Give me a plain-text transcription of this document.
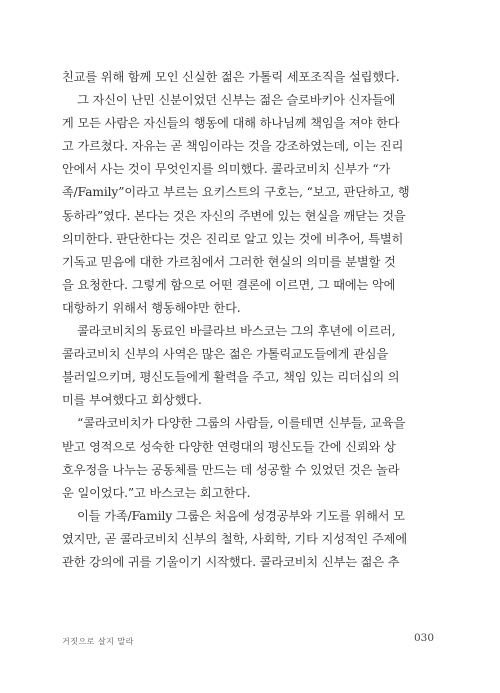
친교를 위해 함께 모인 신실한 젊은 가톨릭 세포조직을 설립했다.
그 자신이 난민 신분이었던 신부는 젊은 슬로바키아 신자들에
게 모든 사람은 자신들의 행동에 대해 하나님께 책임을 져야 한다
고 가르쳤다. 자유는 곧 책임이라는 것을 강조하였는데, 이는 진리
안에서 사는 것이 무엇인지를 의미했다. 콜라코비치 신부가 “가
족/Family”이라고 부르는 요키스트의 구호는, “보고, 판단하고, 행
동하라”였다. 본다는 것은 자신의 주변에 있는 현실을 깨닫는 것을
의미한다. 판단한다는 것은 진리로 알고 있는 것에 비추어, 특별히
기독교 믿음에 대한 가르침에서 그러한 현실의 의미를 분별할 것
을 요청한다. 그렇게 함으로 어떤 결론에 이르면, 그 때에는 악에
대항하기 위해서 행동해야만 한다.
콜라코비치의 동료인 바클라브 바스코는 그의 후년에 이르러,
콜라코비치 신부의 사역은 많은 젊은 가톨릭교도들에게 관심을
불러일으키며, 평신도들에게 활력을 주고, 책임 있는 리더십의 의
미를 부여했다고 회상했다.
“콜라코비치가 다양한 그룹의 사람들, 이를테면 신부들, 교육을
받고 영적으로 성숙한 다양한 연령대의 평신도들 간에 신뢰와 상
호우정을 나누는 공동체를 만드는 데 성공할 수 있었던 것은 놀라
운 일이었다.”고 바스코는 회고한다.
이들 가족/Family 그룹은 처음에 성경공부와 기도를 위해서 모
였지만, 곧 콜라코비치 신부의 철학, 사회학, 기타 지성적인 주제에
관한 강의에 귀를 기울이기 시작했다. 콜라코비치 신부는 젊은 추
거짓으로 살지 말라	030
